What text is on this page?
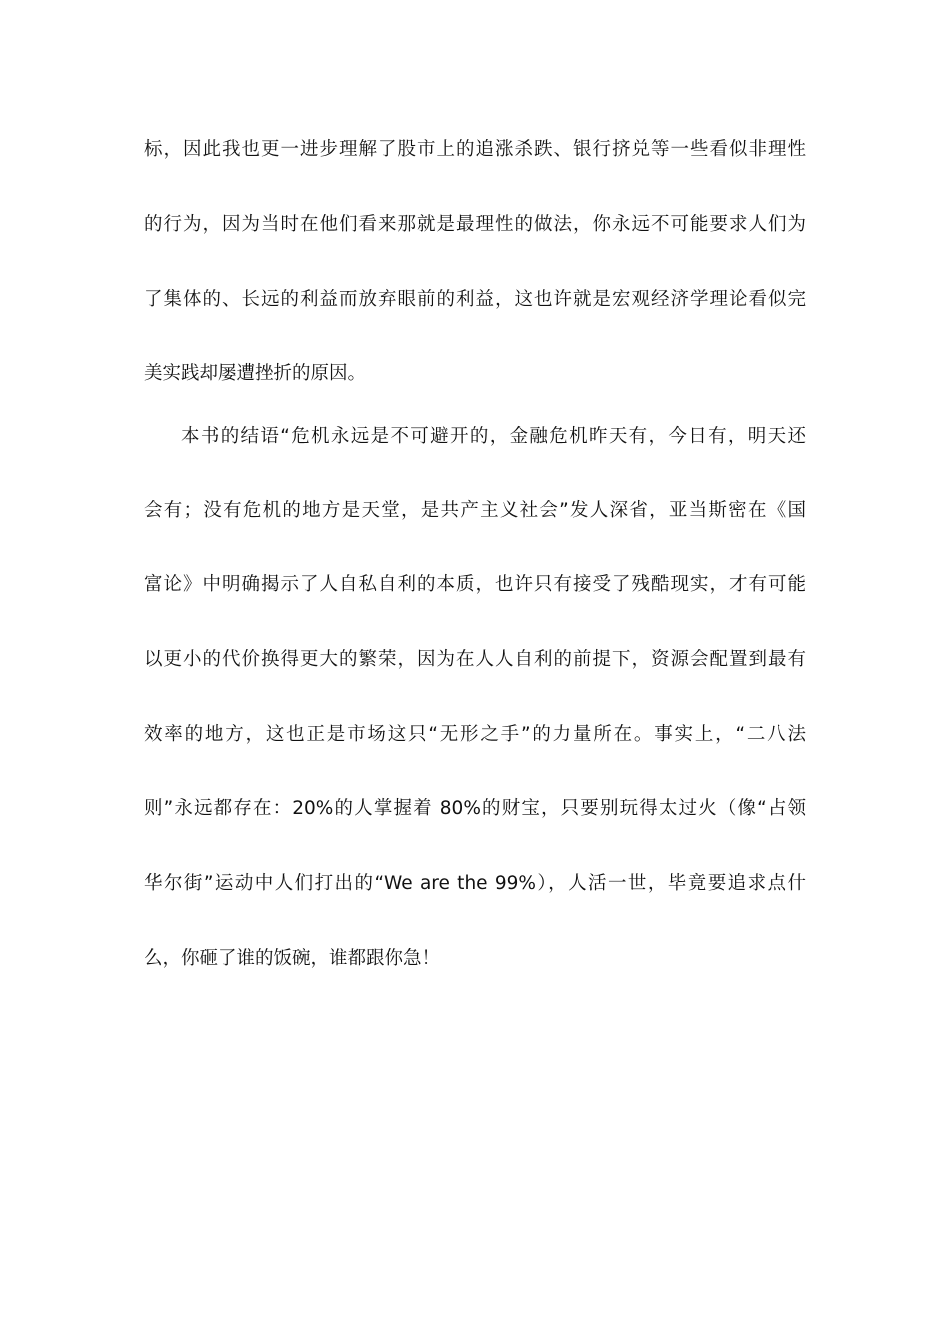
标，因此我也更一进步理解了股市上的追涨杀跌、银行挤兑等一些看似非理性
的行为，因为当时在他们看来那就是最理性的做法，你永远不可能要求人们为
了集体的、长远的利益而放弃眼前的利益，这也许就是宏观经济学理论看似完
美实践却屡遭挫折的原因。
本书的结语“危机永远是不可避开的，金融危机昨天有，今日有，明天还
会有；没有危机的地方是天堂，是共产主义社会”发人深省，亚当斯密在《国
富论》中明确揭示了人自私自利的本质，也许只有接受了残酷现实，才有可能
以更小的代价换得更大的繁荣，因为在人人自利的前提下，资源会配置到最有
效率的地方，这也正是市场这只“无形之手”的力量所在。事实上，“二八法
则”永远都存在：20%的人掌握着 80%的财宝，只要别玩得太过火（像“占领
华尔街”运动中人们打出的“We are the 99%），人活一世，毕竟要追求点什
么，你砸了谁的饭碗，谁都跟你急！
